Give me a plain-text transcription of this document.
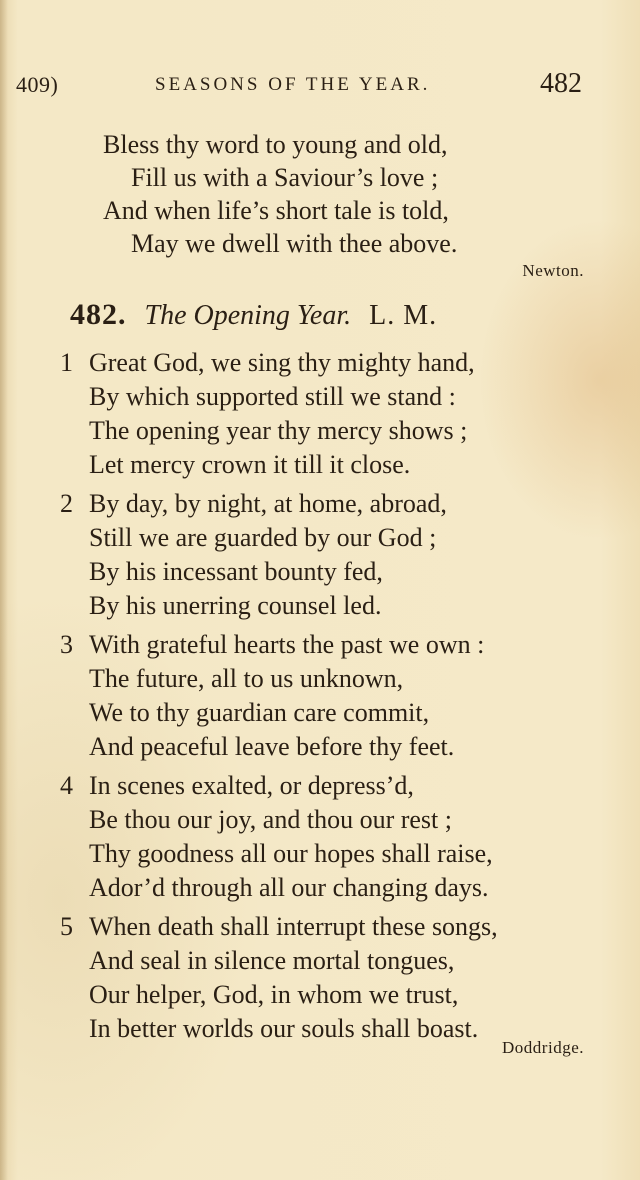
409)	SEASONS OF THE YEAR.	482
Bless thy word to young and old,
Fill us with a Saviour’s love ;
And when life’s short tale is told,
May we dwell with thee above.
Newton.
482. The Opening Year. L. M.
1 Great God, we sing thy mighty hand,
By which supported still we stand :
The opening year thy mercy shows ;
Let mercy crown it till it close.
2 By day, by night, at home, abroad,
Still we are guarded by our God ;
By his incessant bounty fed,
By his unerring counsel led.
3 With grateful hearts the past we own :
The future, all to us unknown,
We to thy guardian care commit,
And peaceful leave before thy feet.
4 In scenes exalted, or depress’d,
Be thou our joy, and thou our rest ;
Thy goodness all our hopes shall raise,
Ador’d through all our changing days.
5 When death shall interrupt these songs,
And seal in silence mortal tongues,
Our helper, God, in whom we trust,
In better worlds our souls shall boast.
Doddridge.
